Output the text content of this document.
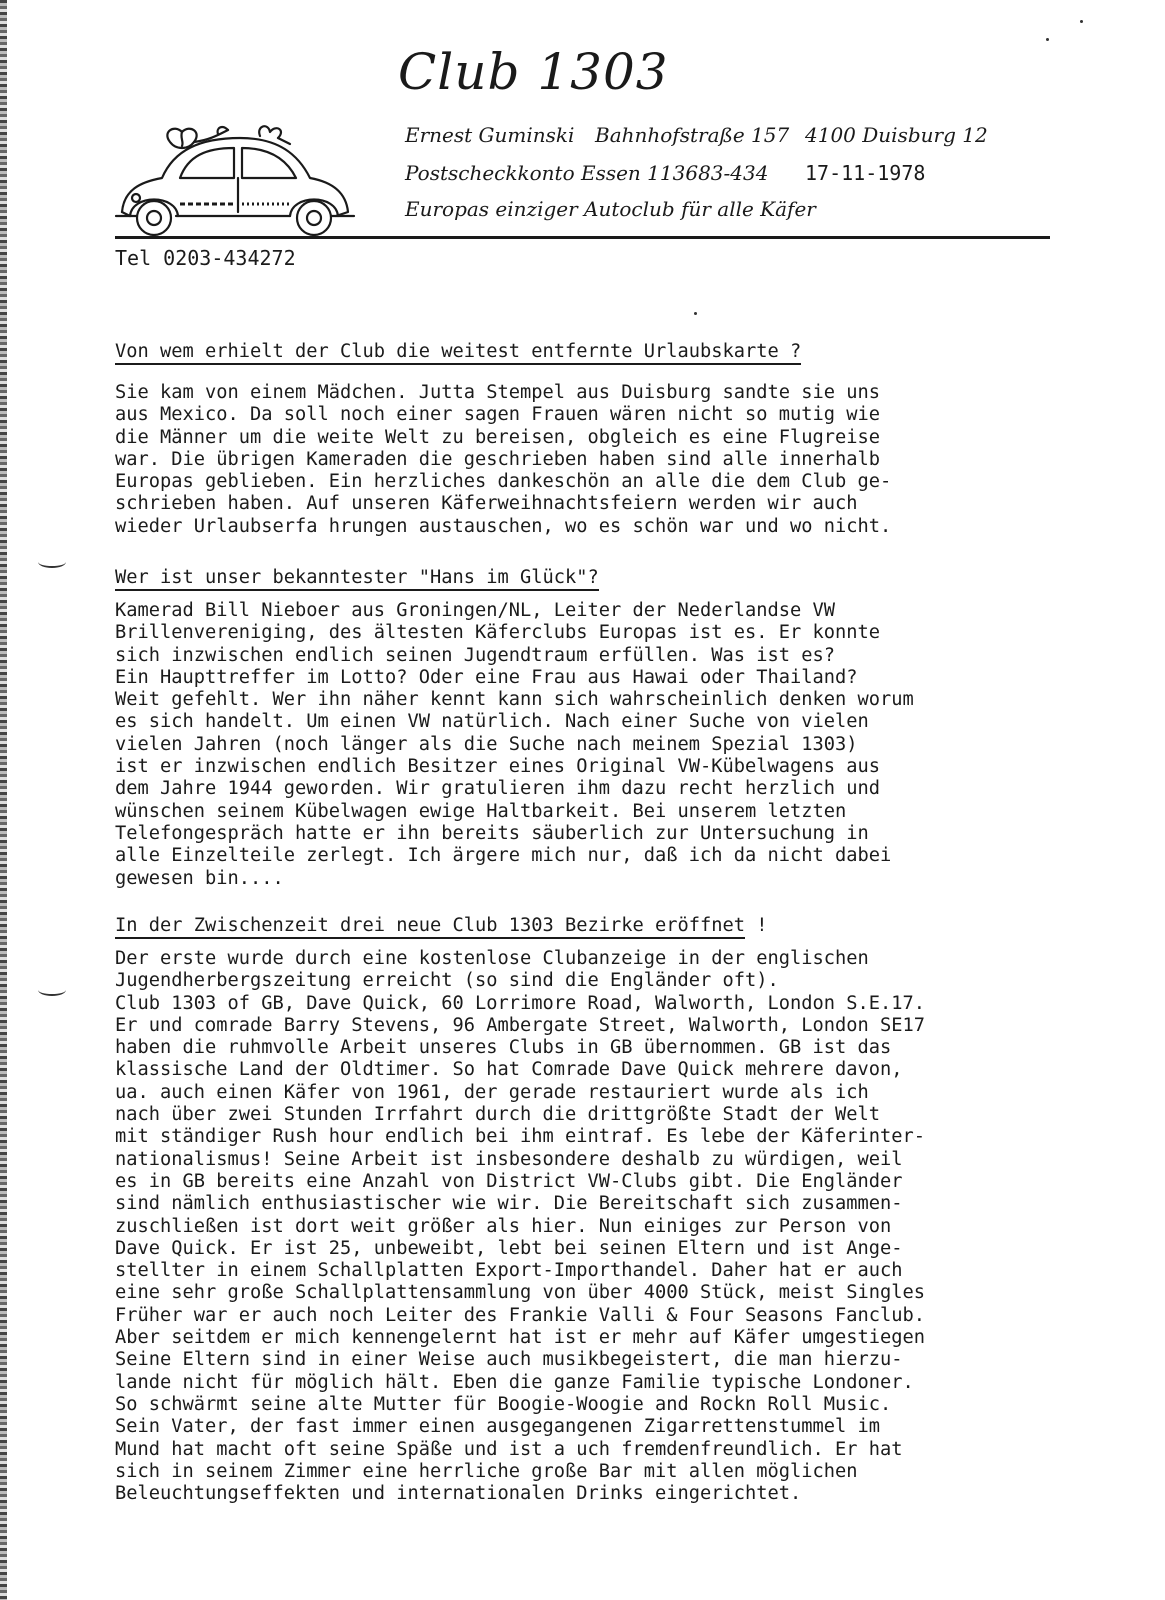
Club 1303
Ernest Guminski Bahnhofstraße 157 4100 Duisburg 12
Postscheckkonto Essen 113683-434 17-11-1978
Europas einziger Autoclub für alle Käfer
Tel 0203-434272
Von wem erhielt der Club die weitest entfernte Urlaubskarte ?
Sie kam von einem Mädchen. Jutta Stempel aus Duisburg sandte sie uns
aus Mexico. Da soll noch einer sagen Frauen wären nicht so mutig wie
die Männer um die weite Welt zu bereisen, obgleich es eine Flugreise
war. Die übrigen Kameraden die geschrieben haben sind alle innerhalb
Europas geblieben. Ein herzliches dankeschön an alle die dem Club ge-
schrieben haben. Auf unseren Käferweihnachtsfeiern werden wir auch
wieder Urlaubserfa hrungen austauschen, wo es schön war und wo nicht.
Wer ist unser bekanntester "Hans im Glück"?
Kamerad Bill Nieboer aus Groningen/NL, Leiter der Nederlandse VW
Brillenvereniging, des ältesten Käferclubs Europas ist es. Er konnte
sich inzwischen endlich seinen Jugendtraum erfüllen. Was ist es?
Ein Haupttreffer im Lotto? Oder eine Frau aus Hawai oder Thailand?
Weit gefehlt. Wer ihn näher kennt kann sich wahrscheinlich denken worum
es sich handelt. Um einen VW natürlich. Nach einer Suche von vielen
vielen Jahren (noch länger als die Suche nach meinem Spezial 1303)
ist er inzwischen endlich Besitzer eines Original VW-Kübelwagens aus
dem Jahre 1944 geworden. Wir gratulieren ihm dazu recht herzlich und
wünschen seinem Kübelwagen ewige Haltbarkeit. Bei unserem letzten
Telefongespräch hatte er ihn bereits säuberlich zur Untersuchung in
alle Einzelteile zerlegt. Ich ärgere mich nur, daß ich da nicht dabei
gewesen bin....
In der Zwischenzeit drei neue Club 1303 Bezirke eröffnet !
Der erste wurde durch eine kostenlose Clubanzeige in der englischen
Jugendherbergszeitung erreicht (so sind die Engländer oft).
Club 1303 of GB, Dave Quick, 60 Lorrimore Road, Walworth, London S.E.17.
Er und comrade Barry Stevens, 96 Ambergate Street, Walworth, London SE17
haben die ruhmvolle Arbeit unseres Clubs in GB übernommen. GB ist das
klassische Land der Oldtimer. So hat Comrade Dave Quick mehrere davon,
ua. auch einen Käfer von 1961, der gerade restauriert wurde als ich
nach über zwei Stunden Irrfahrt durch die drittgrößte Stadt der Welt
mit ständiger Rush hour endlich bei ihm eintraf. Es lebe der Käferinter-
nationalismus! Seine Arbeit ist insbesondere deshalb zu würdigen, weil
es in GB bereits eine Anzahl von District VW-Clubs gibt. Die Engländer
sind nämlich enthusiastischer wie wir. Die Bereitschaft sich zusammen-
zuschließen ist dort weit größer als hier. Nun einiges zur Person von
Dave Quick. Er ist 25, unbeweibt, lebt bei seinen Eltern und ist Ange-
stellter in einem Schallplatten Export-Importhandel. Daher hat er auch
eine sehr große Schallplattensammlung von über 4000 Stück, meist Singles
Früher war er auch noch Leiter des Frankie Valli & Four Seasons Fanclub.
Aber seitdem er mich kennengelernt hat ist er mehr auf Käfer umgestiegen
Seine Eltern sind in einer Weise auch musikbegeistert, die man hierzu-
lande nicht für möglich hält. Eben die ganze Familie typische Londoner.
So schwärmt seine alte Mutter für Boogie-Woogie and Rockn Roll Music.
Sein Vater, der fast immer einen ausgegangenen Zigarrettenstummel im
Mund hat macht oft seine Späße und ist a uch fremdenfreundlich. Er hat
sich in seinem Zimmer eine herrliche große Bar mit allen möglichen
Beleuchtungseffekten und internationalen Drinks eingerichtet.
